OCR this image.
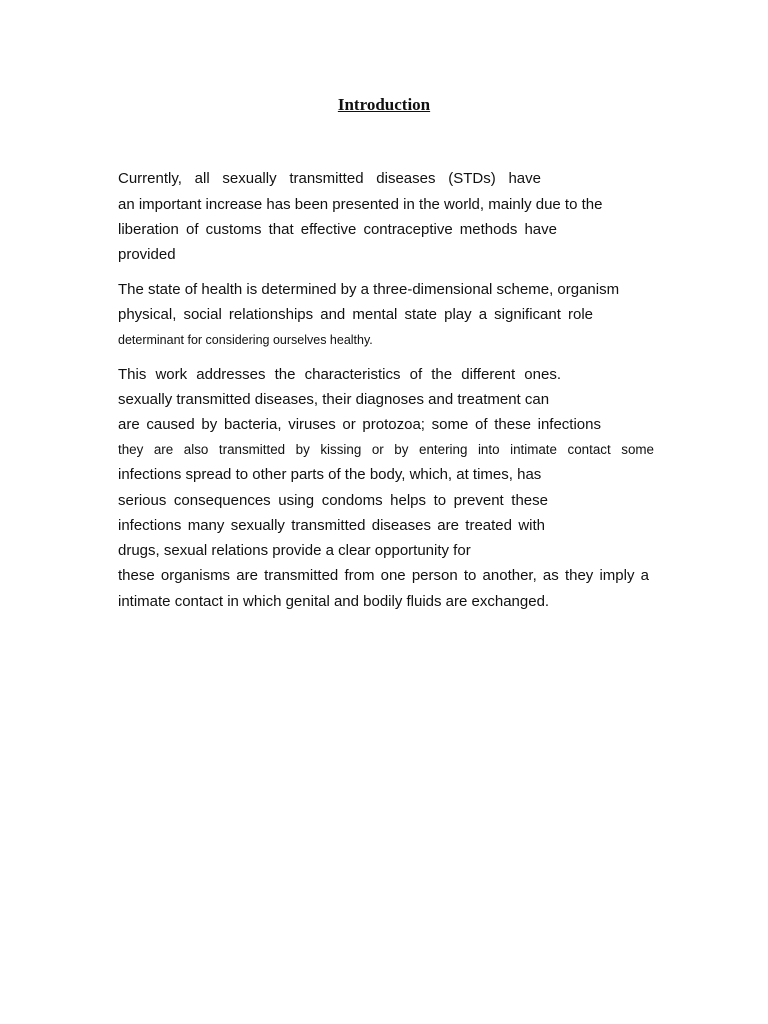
Introduction

Currently, all sexually transmitted diseases (STDs) have

an important increase has been presented in the world, mainly due to the

liberation of customs that effective contraceptive methods have

provided

The state of health is determined by a three-dimensional scheme, organism

physical, social relationships and mental state play a significant role

determinant for considering ourselves healthy.

This work addresses the characteristics of the different ones.

sexually transmitted diseases, their diagnoses and treatment can

are caused by bacteria, viruses or protozoa; some of these infections

they are also transmitted by kissing or by entering into intimate contact some

infections spread to other parts of the body, which, at times, has

serious consequences using condoms helps to prevent these

infections many sexually transmitted diseases are treated with

drugs, sexual relations provide a clear opportunity for

these organisms are transmitted from one person to another, as they imply a

intimate contact in which genital and bodily fluids are exchanged.
